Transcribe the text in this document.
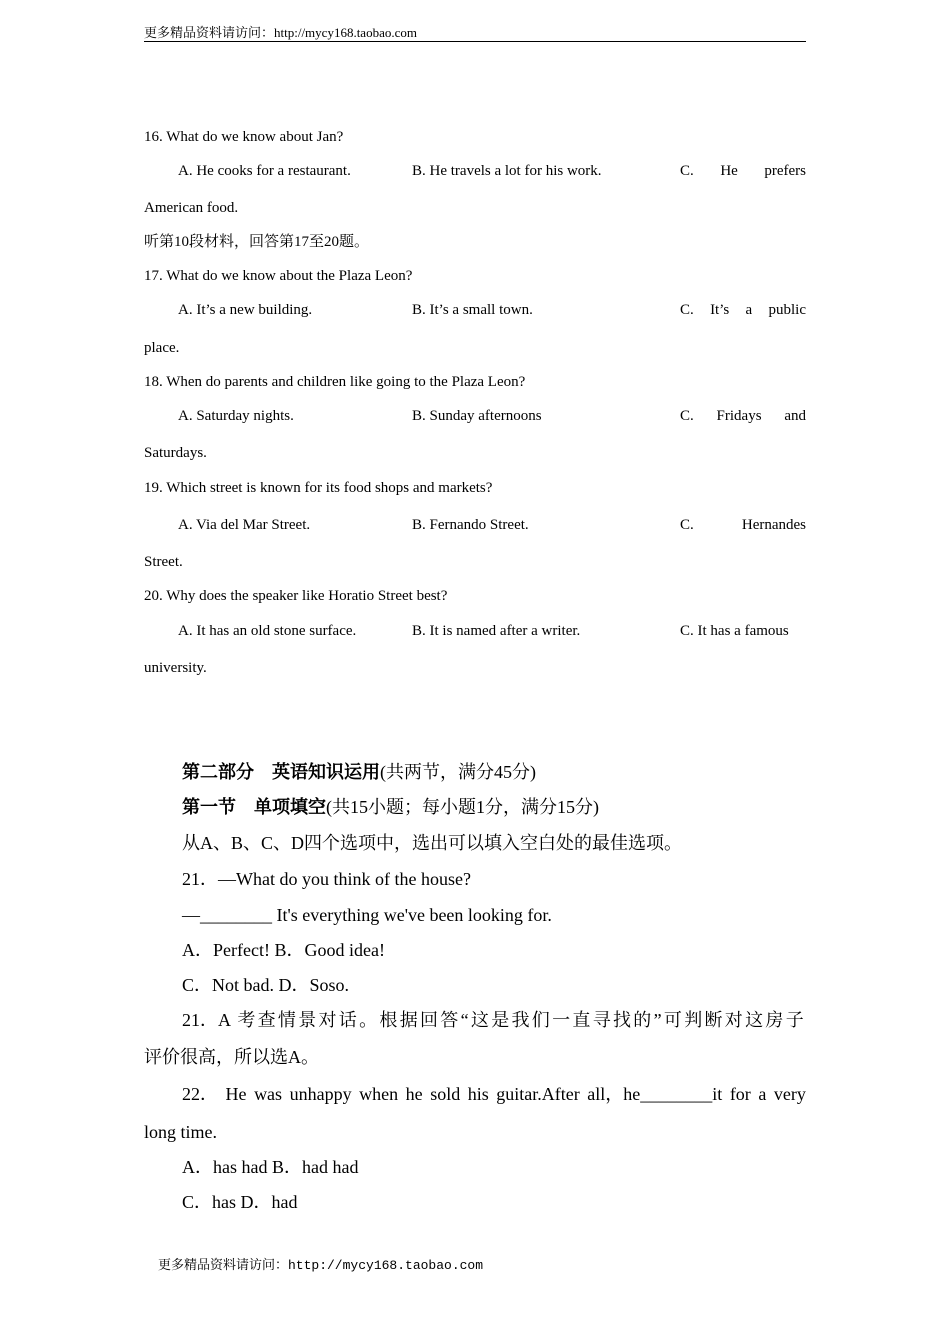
更多精品资料请访问：http://mycy168.taobao.com
16. What do we know about Jan?
A. He cooks for a restaurant.	B. He travels a lot for his work.	C. He prefers
American food.
听第10段材料，回答第17至20题。
17. What do we know about the Plaza Leon?
A. It’s a new building.	B. It’s a small town.	C. It’s a public
place.
18. When do parents and children like going to the Plaza Leon?
A. Saturday nights.	B. Sunday afternoons	C. Fridays and
Saturdays.
19. Which street is known for its food shops and markets?
A. Via del Mar Street.	B. Fernando Street.	C.	Hernandes
Street.
20. Why does the speaker like Horatio Street best?
A. It has an old stone surface.	B. It is named after a writer.	C. It has a famous
university.
第二部分　英语知识运用(共两节，满分45分)
第一节　单项填空(共15小题；每小题1分，满分15分)
从A、B、C、D四个选项中，选出可以填入空白处的最佳选项。
21．—What do you think of the house?
—________ It's everything we've been looking for.
A．Perfect! B．Good idea!
C．Not bad. D．Soso.
21．A 考查情景对话。根据回答“这是我们一直寻找的”可判断对这房子
评价很高，所以选A。
22． He was unhappy when he sold his guitar.After all，he________it for a very
long time.
A．has had B．had had
C．has D．had
更多精品资料请访问：http://mycy168.taobao.com
